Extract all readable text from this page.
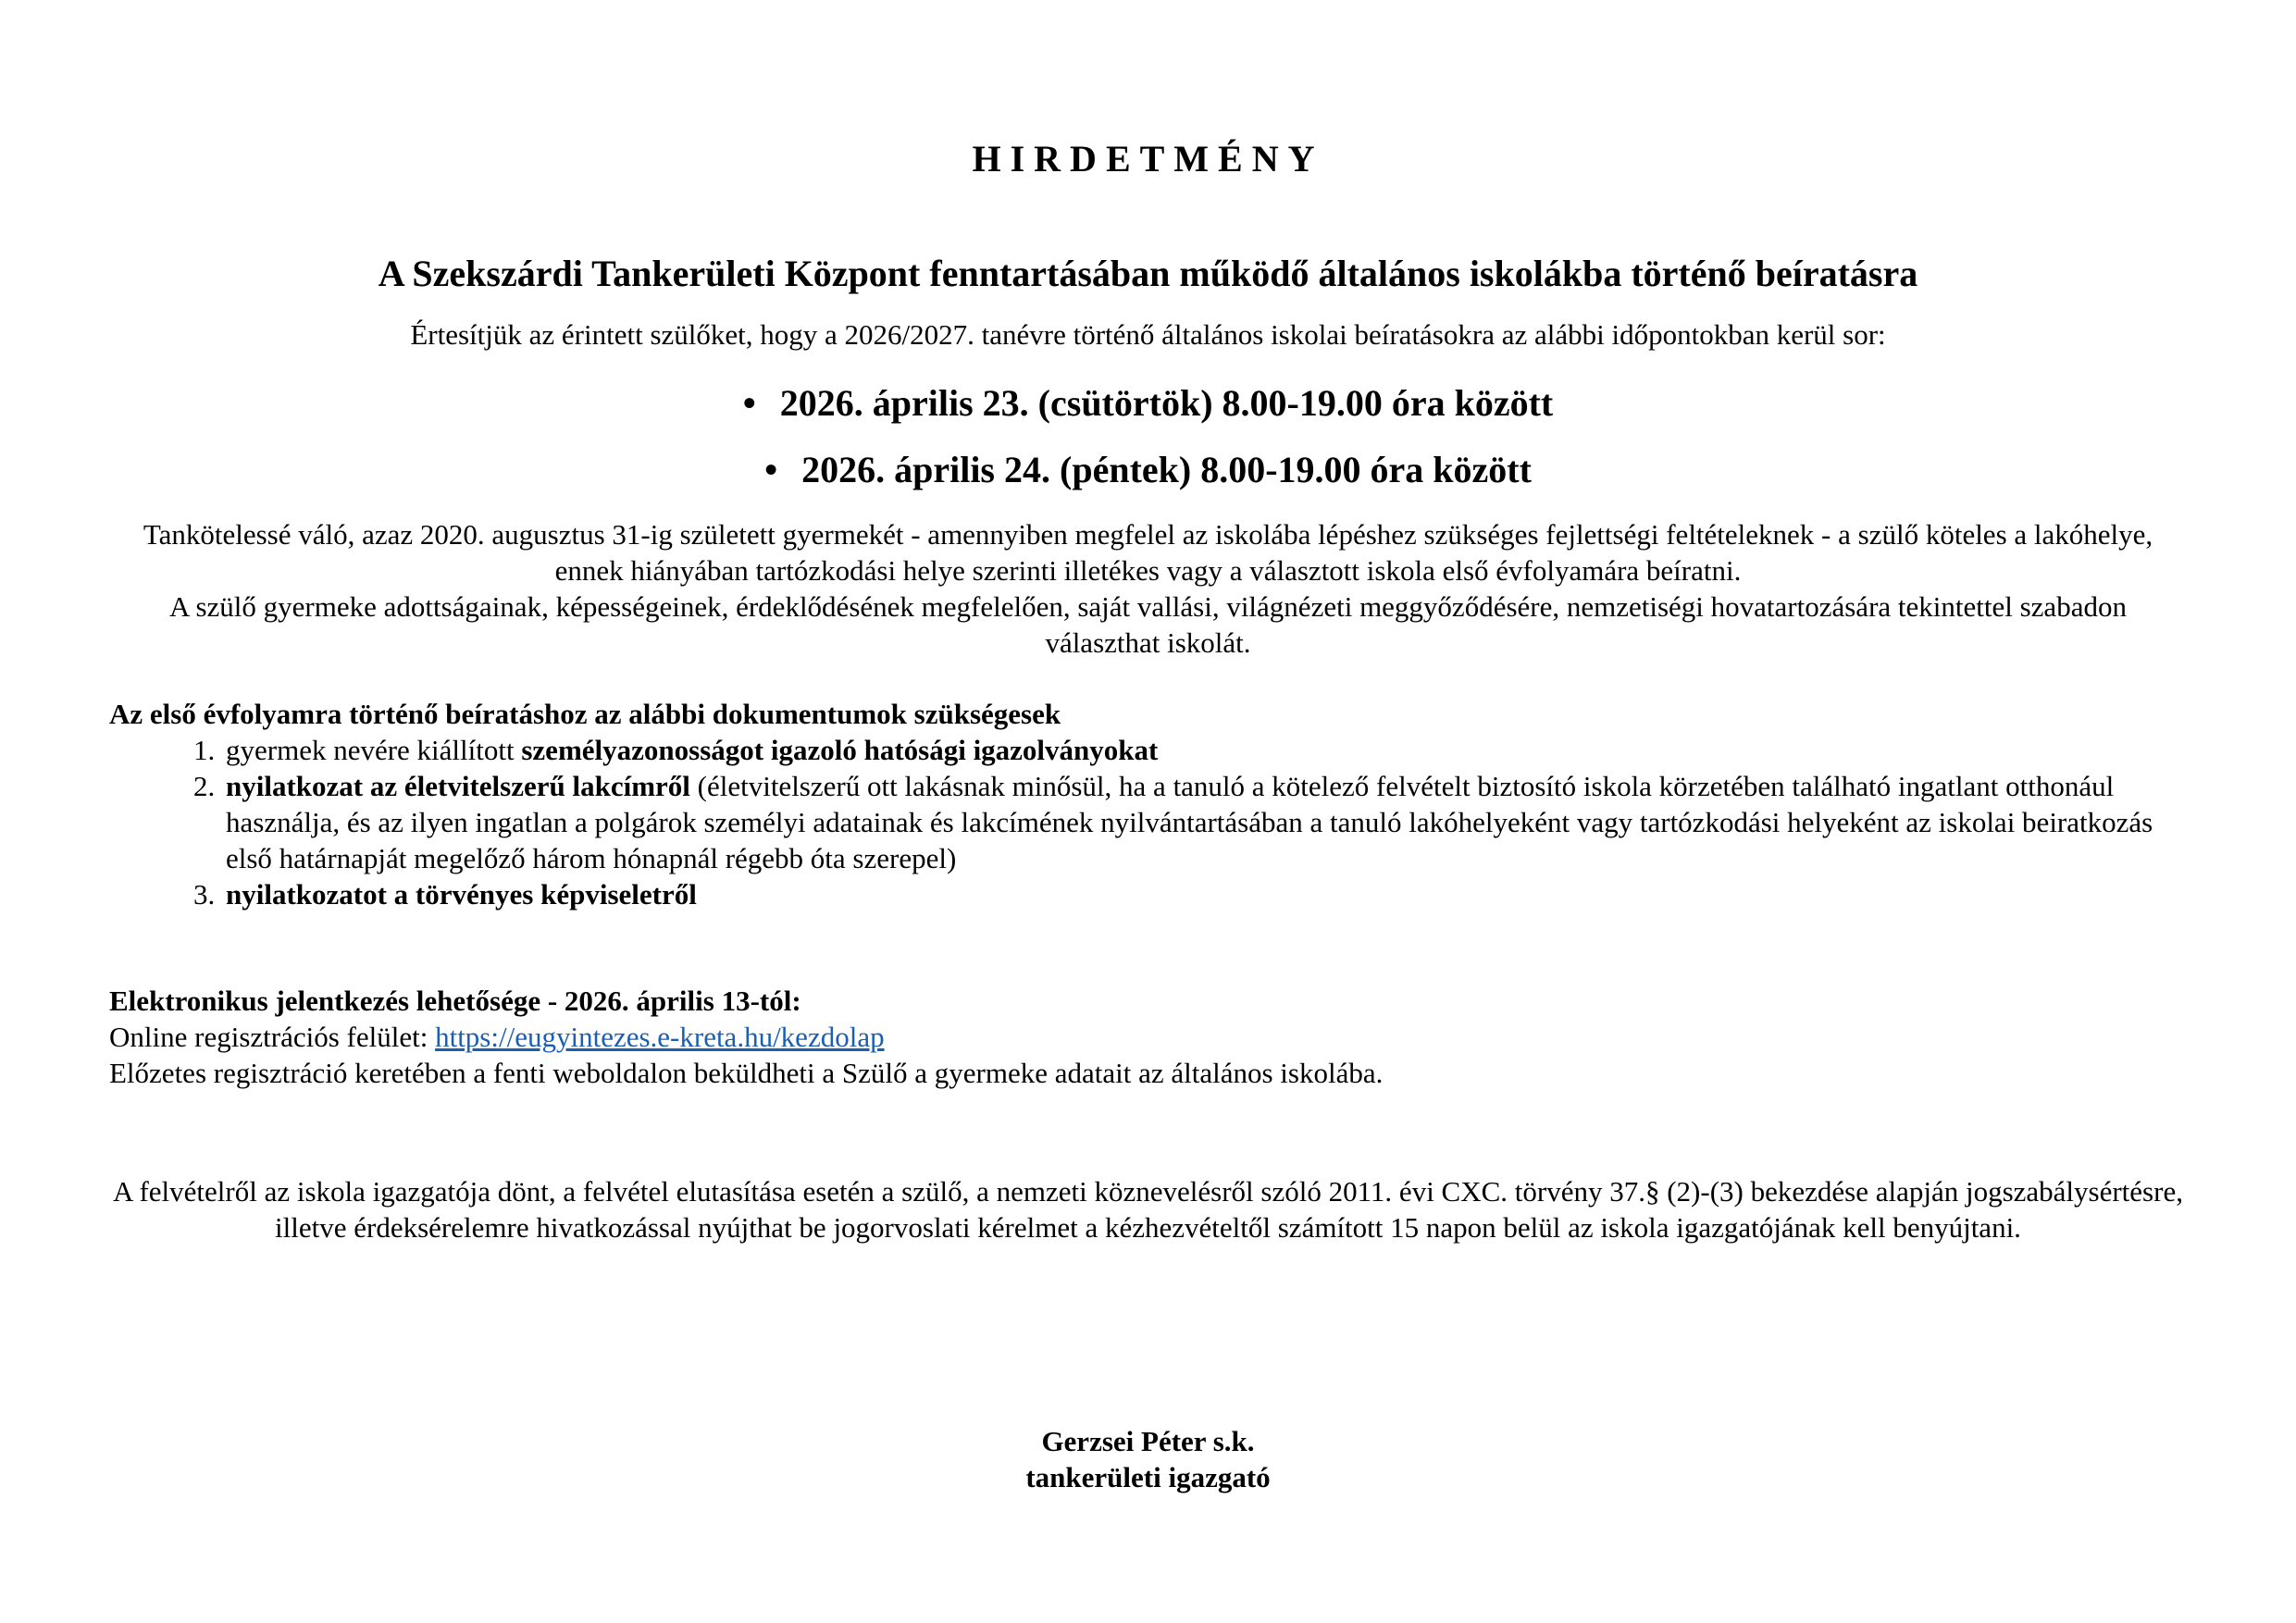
HIRDETMÉNY
A Szekszárdi Tankerületi Központ fenntartásában működő általános iskolákba történő beíratásra
Értesítjük az érintett szülőket, hogy a 2026/2027. tanévre történő általános iskolai beíratásokra az alábbi időpontokban kerül sor:
• 2026. április 23. (csütörtök) 8.00-19.00 óra között
• 2026. április 24. (péntek) 8.00-19.00 óra között
Tankötelessé váló, azaz 2020. augusztus 31-ig született gyermekét - amennyiben megfelel az iskolába lépéshez szükséges fejlettségi feltételeknek - a szülő köteles a lakóhelye, ennek hiányában tartózkodási helye szerinti illetékes vagy a választott iskola első évfolyamára beíratni.
A szülő gyermeke adottságainak, képességeinek, érdeklődésének megfelelően, saját vallási, világnézeti meggyőződésére, nemzetiségi hovatartozására tekintettel szabadon választhat iskolát.
Az első évfolyamra történő beíratáshoz az alábbi dokumentumok szükségesek
1. gyermek nevére kiállított személyazonosságot igazoló hatósági igazolványokat
2. nyilatkozat az életvitelszerű lakcímről (életvitelszerű ott lakásnak minősül, ha a tanuló a kötelező felvételt biztosító iskola körzetében található ingatlant otthonául használja, és az ilyen ingatlan a polgárok személyi adatainak és lakcímének nyilvántartásában a tanuló lakóhelyeként vagy tartózkodási helyeként az iskolai beiratkozás első határnapját megelőző három hónapnál régebb óta szerepel)
3. nyilatkozatot a törvényes képviseletről
Elektronikus jelentkezés lehetősége - 2026. április 13-tól:
Online regisztrációs felület: https://eugyintezes.e-kreta.hu/kezdolap
Előzetes regisztráció keretében a fenti weboldalon beküldheti a Szülő a gyermeke adatait az általános iskolába.
A felvételről az iskola igazgatója dönt, a felvétel elutasítása esetén a szülő, a nemzeti köznevelésről szóló 2011. évi CXC. törvény 37.§ (2)-(3) bekezdése alapján jogszabálysértésre, illetve érdeksérelemre hivatkozással nyújthat be jogorvoslati kérelmet a kézhezvételtől számított 15 napon belül az iskola igazgatójának kell benyújtani.
Gerzsei Péter s.k.
tankerületi igazgató
